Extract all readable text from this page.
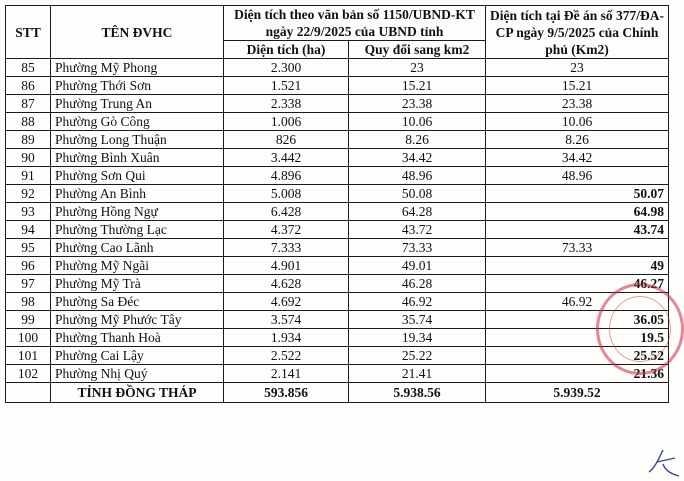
STT	TÊN ĐVHC	Diện tích theo văn bản số 1150/UBND-KT ngày 22/9/2025 của UBND tỉnh		Diện tích tại Đề án số 377/ĐA-CP ngày 9/5/2025 của Chính phủ (Km2)
		Diện tích (ha)	Quy đổi sang km2	
85	Phường Mỹ Phong	2.300	23	23
86	Phường Thới Sơn	1.521	15.21	15.21
87	Phường Trung An	2.338	23.38	23.38
88	Phường Gò Công	1.006	10.06	10.06
89	Phường Long Thuận	826	8.26	8.26
90	Phường Bình Xuân	3.442	34.42	34.42
91	Phường Sơn Qui	4.896	48.96	48.96
92	Phường An Bình	5.008	50.08	50.07
93	Phường Hồng Ngự	6.428	64.28	64.98
94	Phường Thường Lạc	4.372	43.72	43.74
95	Phường Cao Lãnh	7.333	73.33	73.33
96	Phường Mỹ Ngãi	4.901	49.01	49
97	Phường Mỹ Trà	4.628	46.28	46.27
98	Phường Sa Đéc	4.692	46.92	46.92
99	Phường Mỹ Phước Tây	3.574	35.74	36.05
100	Phường Thanh Hoà	1.934	19.34	19.5
101	Phường Cai Lậy	2.522	25.22	25.52
102	Phường Nhị Quý	2.141	21.41	21.36
	TỈNH ĐỒNG THÁP	593.856	5.938.56	5.939.52
